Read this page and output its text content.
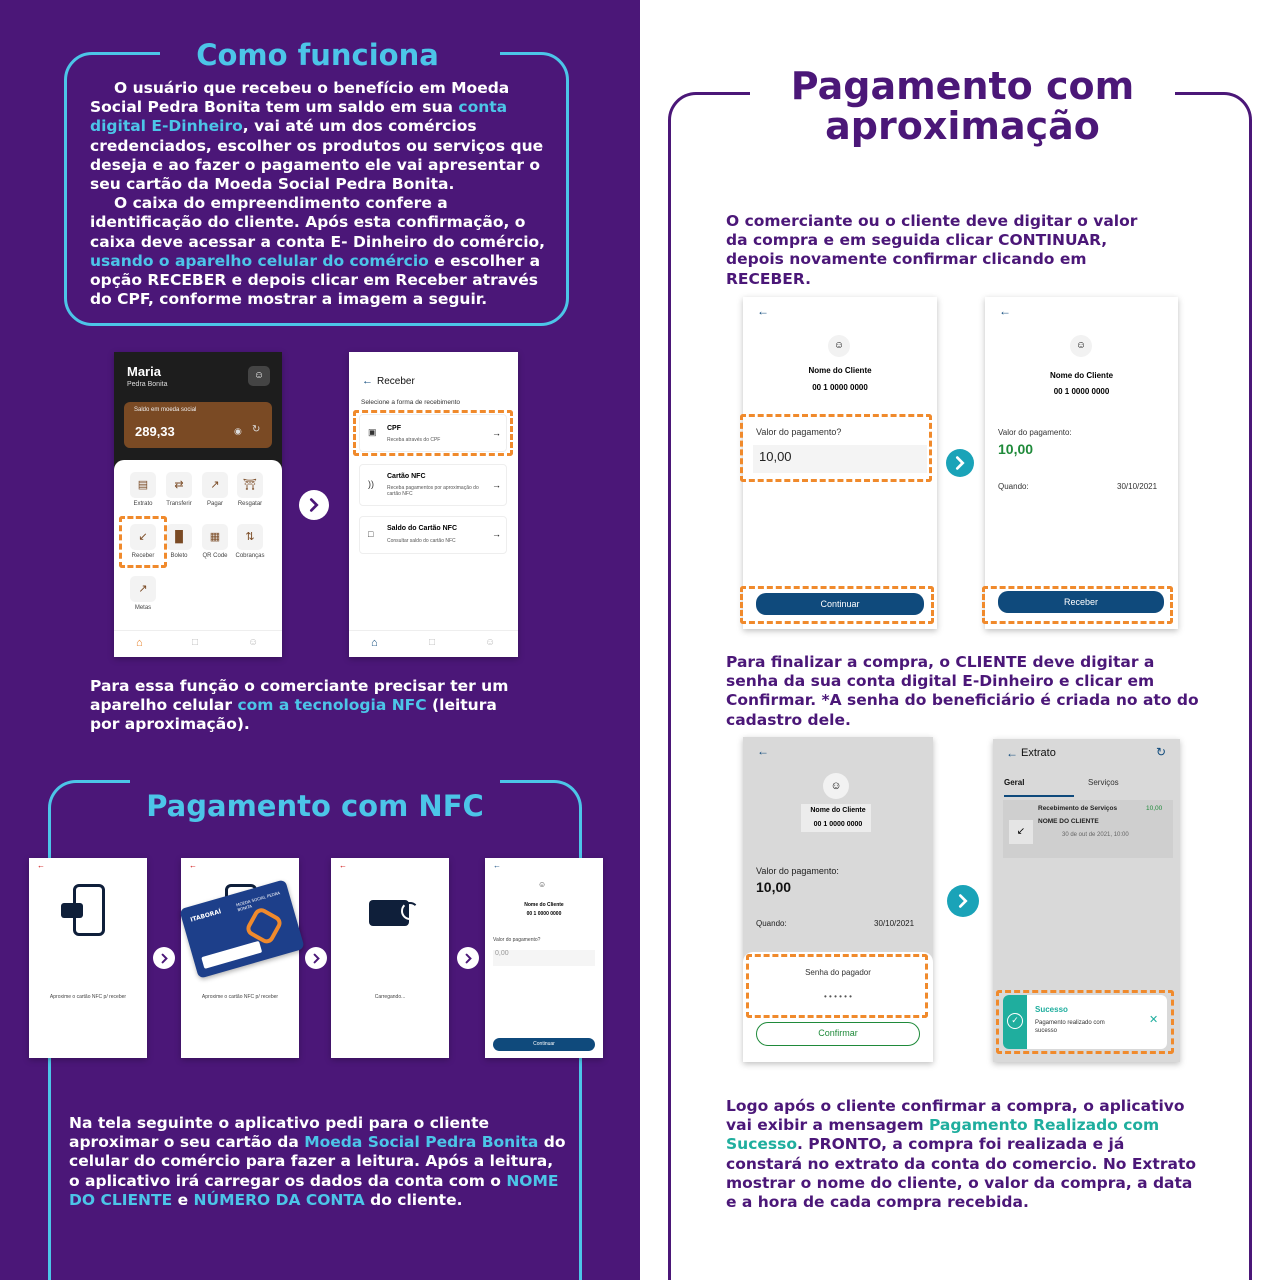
Como funciona

O usuário que recebeu o benefício em Moeda Social Pedra Bonita tem um saldo em sua conta digital E-Dinheiro, vai até um dos comércios credenciados, escolher os produtos ou serviços que deseja e ao fazer o pagamento ele vai apresentar o seu cartão da Moeda Social Pedra Bonita.

O caixa do empreendimento confere a identificação do cliente. Após esta confirmação, o caixa deve acessar a conta E- Dinheiro do comércio, usando o aparelho celular do comércio e escolher a opção RECEBER e depois clicar em Receber através do CPF, conforme mostrar a imagem a seguir.

Maria
Pedra Bonita
☺
Saldo em moeda social
289,33	◉ ↻
▤
Extrato
⇄
Transferir
↗
Pagar
⛩
Resgatar
↙
Receber
█
Boleto
▦
QR Code
⇅
Cobranças
↗
Metas
⌂	□	☺
← Receber
Selecione a forma de recebimento
▣ CPF
Receba através do CPF
→
))
Cartão NFC
Receba pagamentos por aproximação do cartão NFC
→
□
Saldo do Cartão NFC
Consultar saldo do cartão NFC
→
⌂	□	☺
Para essa função o comerciante precisar ter um aparelho celular com a tecnologia NFC (leitura por aproximação).
Pagamento com NFC
←
Aproxime o cartão NFC p/ receber
←
Aproxime o cartão NFC p/ receber
ITABORAÍ
MOEDA SOCIAL PEDRA BONITA
←
Carregando...
←
☺
Nome do Cliente
00 1 0000 0000
Valor do pagamento?
0,00
Continuar
Na tela seguinte o aplicativo pedi para o cliente aproximar o seu cartão da Moeda Social Pedra Bonita do celular do comércio para fazer a leitura. Após a leitura, o aplicativo irá carregar os dados da conta com o NOME DO CLIENTE e NÚMERO DA CONTA do cliente.
Pagamento com
aproximação
O comerciante ou o cliente deve digitar o valor da compra e em seguida clicar CONTINUAR, depois novamente confirmar clicando em RECEBER.
←
☺
Nome do Cliente
00 1 0000 0000
Valor do pagamento?
10,00
Continuar
←
☺
Nome do Cliente
00 1 0000 0000
Valor do pagamento:
10,00
Quando:	30/10/2021
Receber
Para finalizar a compra, o CLIENTE deve digitar a senha da sua conta digital E-Dinheiro e clicar em Confirmar. *A senha do beneficiário é criada no ato do cadastro dele.
←
☺
Nome do Cliente
00 1 0000 0000
Valor do pagamento:
10,00
Quando:	30/10/2021
Senha do pagador
• • • • • •
Confirmar
← Extrato	↻
Geral	Serviços
↙
Recebimento de Serviços	10,00
NOME DO CLIENTE
30 de out de 2021, 10:00
✓
Sucesso
Pagamento realizado com sucesso
✕
Logo após o cliente confirmar a compra, o aplicativo vai exibir a mensagem Pagamento Realizado com Sucesso. PRONTO, a compra foi realizada e já constará no extrato da conta do comercio. No Extrato mostrar o nome do cliente, o valor da compra, a data e a hora de cada compra recebida.
